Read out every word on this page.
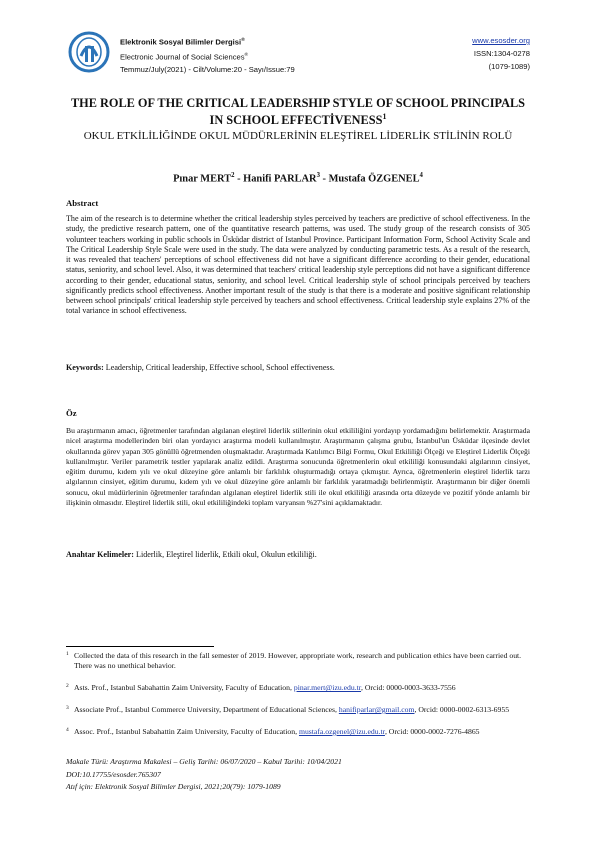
Elektronik Sosyal Bilimler Dergisi®
Electronic Journal of Social Sciences®
Temmuz/July(2021) - Cilt/Volume:20 - Sayı/Issue:79
www.esosder.org
ISSN:1304-0278
(1079-1089)
THE ROLE OF THE CRITICAL LEADERSHIP STYLE OF SCHOOL PRINCIPALS IN SCHOOL EFFECTİVENESS$^1$
OKUL ETKİLİLİĞİNDE OKUL MÜDÜRLERİNİN ELEŞTİREL LİDERLİK STİLİNİN ROLÜ
Pınar MERT$^2$ - Hanifi PARLAR$^3$ - Mustafa ÖZGENEL$^4$
Abstract

The aim of the research is to determine whether the critical leadership styles perceived by teachers are predictive of school effectiveness. In the study, the predictive research pattern, one of the quantitative research patterns, was used. The study group of the research consists of 305 volunteer teachers working in public schools in Üsküdar district of Istanbul Province. Participant Information Form, School Activity Scale and The Critical Leadership Style Scale were used in the study. The data were analyzed by conducting parametric tests. As a result of the research, it was revealed that teachers' perceptions of school effectiveness did not have a significant difference according to their gender, educational status, seniority, and school level. Also, it was determined that teachers' critical leadership style perceptions did not have a significant difference according to their gender, educational status, seniority, and school level. Critical leadership style of school principals perceived by teachers significantly predicts school effectiveness. Another important result of the study is that there is a moderate and positive significant relationship between school principals' critical leadership style perceived by teachers and school effectiveness. Critical leadership style explains 27% of the total variance in school effectiveness.

Keywords: Leadership, Critical leadership, Effective school, School effectiveness.
Öz

Bu araştırmanın amacı, öğretmenler tarafından algılanan eleştirel liderlik stillerinin okul etkililiğini yordayıp yordamadığını belirlemektir. Araştırmada nicel araştırma modellerinden biri olan yordayıcı araştırma modeli kullanılmıştır. Araştırmanın çalışma grubu, İstanbul'un Üsküdar ilçesinde devlet okullarında görev yapan 305 gönüllü öğretmenden oluşmaktadır. Araştırmada Katılımcı Bilgi Formu, Okul Etkililiği Ölçeği ve Eleştirel Liderlik Ölçeği kullanılmıştır. Veriler parametrik testler yapılarak analiz edildi. Araştırma sonucunda öğretmenlerin okul etkililiği konusundaki algılarının cinsiyet, eğitim durumu, kıdem yılı ve okul düzeyine göre anlamlı bir farklılık oluşturmadığı ortaya çıkmıştır. Ayrıca, öğretmenlerin eleştirel liderlik tarzı algılarının cinsiyet, eğitim durumu, kıdem yılı ve okul düzeyine göre anlamlı bir farklılık yaratmadığı belirlenmiştir. Araştırmanın bir diğer önemli sonucu, okul müdürlerinin öğretmenler tarafından algılanan eleştirel liderlik stili ile okul etkililiği arasında orta düzeyde ve pozitif yönde anlamlı bir ilişkinin olmasıdır. Eleştirel liderlik stili, okul etkililiğindeki toplam varyansın %27'sini açıklamaktadır.

Anahtar Kelimeler: Liderlik, Eleştirel liderlik, Etkili okul, Okulun etkililiği.
1 Collected the data of this research in the fall semester of 2019. However, appropriate work, research and publication ethics have been carried out. There was no unethical behavior.
2 Asts. Prof., Istanbul Sabahattin Zaim University, Faculty of Education, pinar.mert@izu.edu.tr, Orcid: 0000-0003-3633-7556
3 Associate Prof., Istanbul Commerce University, Department of Educational Sciences, hanifiparlar@gmail.com, Orcid: 0000-0002-6313-6955
4 Assoc. Prof., Istanbul Sabahattin Zaim University, Faculty of Education, mustafa.ozgenel@izu.edu.tr, Orcid: 0000-0002-7276-4865
Makale Türü: Araştırma Makalesi – Geliş Tarihi: 06/07/2020 – Kabul Tarihi: 10/04/2021
DOI:10.17755/esosder.765307
Atıf için: Elektronik Sosyal Bilimler Dergisi, 2021;20(79): 1079-1089
